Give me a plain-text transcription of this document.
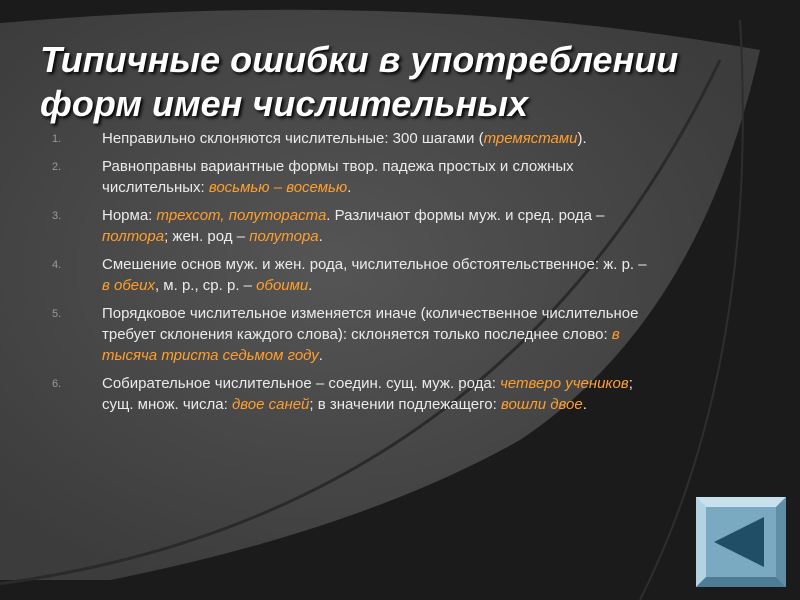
Типичные ошибки в употреблении форм имен числительных
1.	Неправильно склоняются числительные: 300 шагами (тремястами).
2.	Равноправны вариантные формы твор. падежа простых и сложных числительных: восьмью – восемью.
3.	Норма: трехсот, полутораста. Различают формы муж. и сред. рода – полтора; жен. род – полутора.
4.	Смешение основ муж. и жен. рода, числительное обстоятельственное: ж. р. – в обеих, м. р., ср. р. – обоими.
5.	Порядковое числительное изменяется иначе (количественное числительное требует склонения каждого слова): склоняется только последнее слово: в тысяча триста седьмом году.
6.	Собирательное числительное – соедин. сущ. муж. рода: четверо учеников; сущ. множ. числа: двое саней; в значении подлежащего: вошли двое.
